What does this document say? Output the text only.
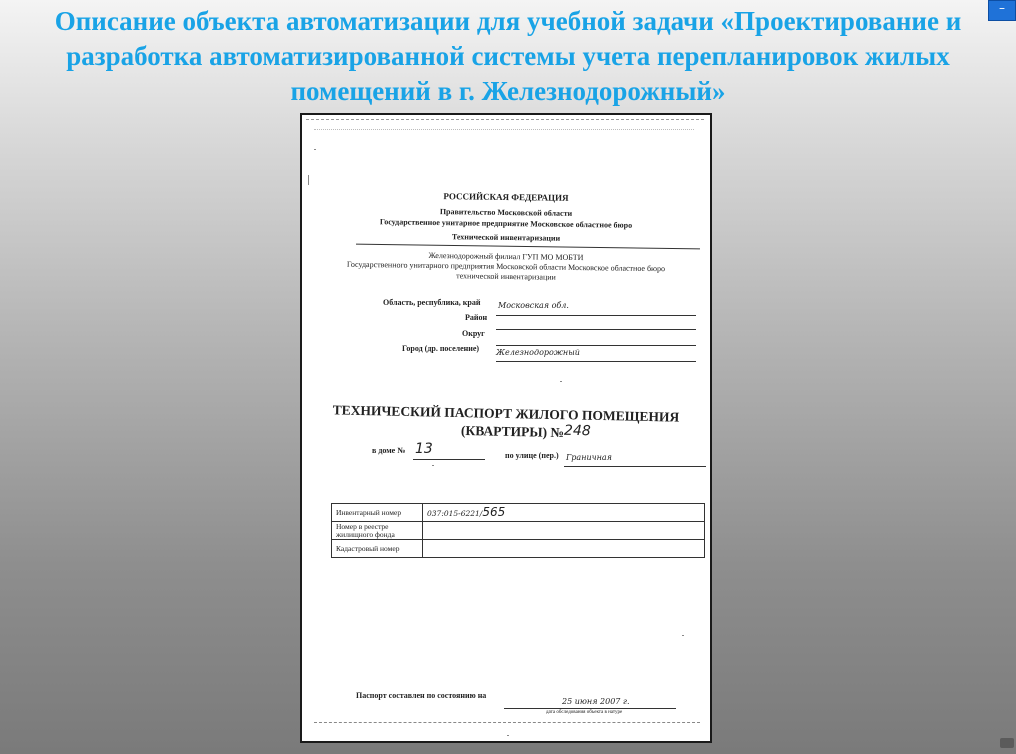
Описание объекта автоматизации для учебной задачи «Проектирование и разработка автоматизированной системы учета перепланировок жилых помещений в г. Железнодорожный»
–
РОССИЙСКАЯ ФЕДЕРАЦИЯ
Правительство Московской области
Государственное унитарное предприятие Московское областное бюро
Технической инвентаризации
Железнодорожный филиал ГУП МО МОБТИ
Государственного унитарного предприятия Московской области Московское областное бюро
технической инвентаризации
Область, республика, край Московская обл.
Район
Округ
Город (др. поселение) Железнодорожный
ТЕХНИЧЕСКИЙ ПАСПОРТ ЖИЛОГО ПОМЕЩЕНИЯ
(КВАРТИРЫ) № 248
в доме № 13	по улице (пер.) Граничная
Инвентарный номер	037:015-6221/565
Номер в реестре жилищного фонда	
Кадастровый номер	
Паспорт составлен по состоянию на
25 июня 2007 г.
дата обследования объекта в натуре
